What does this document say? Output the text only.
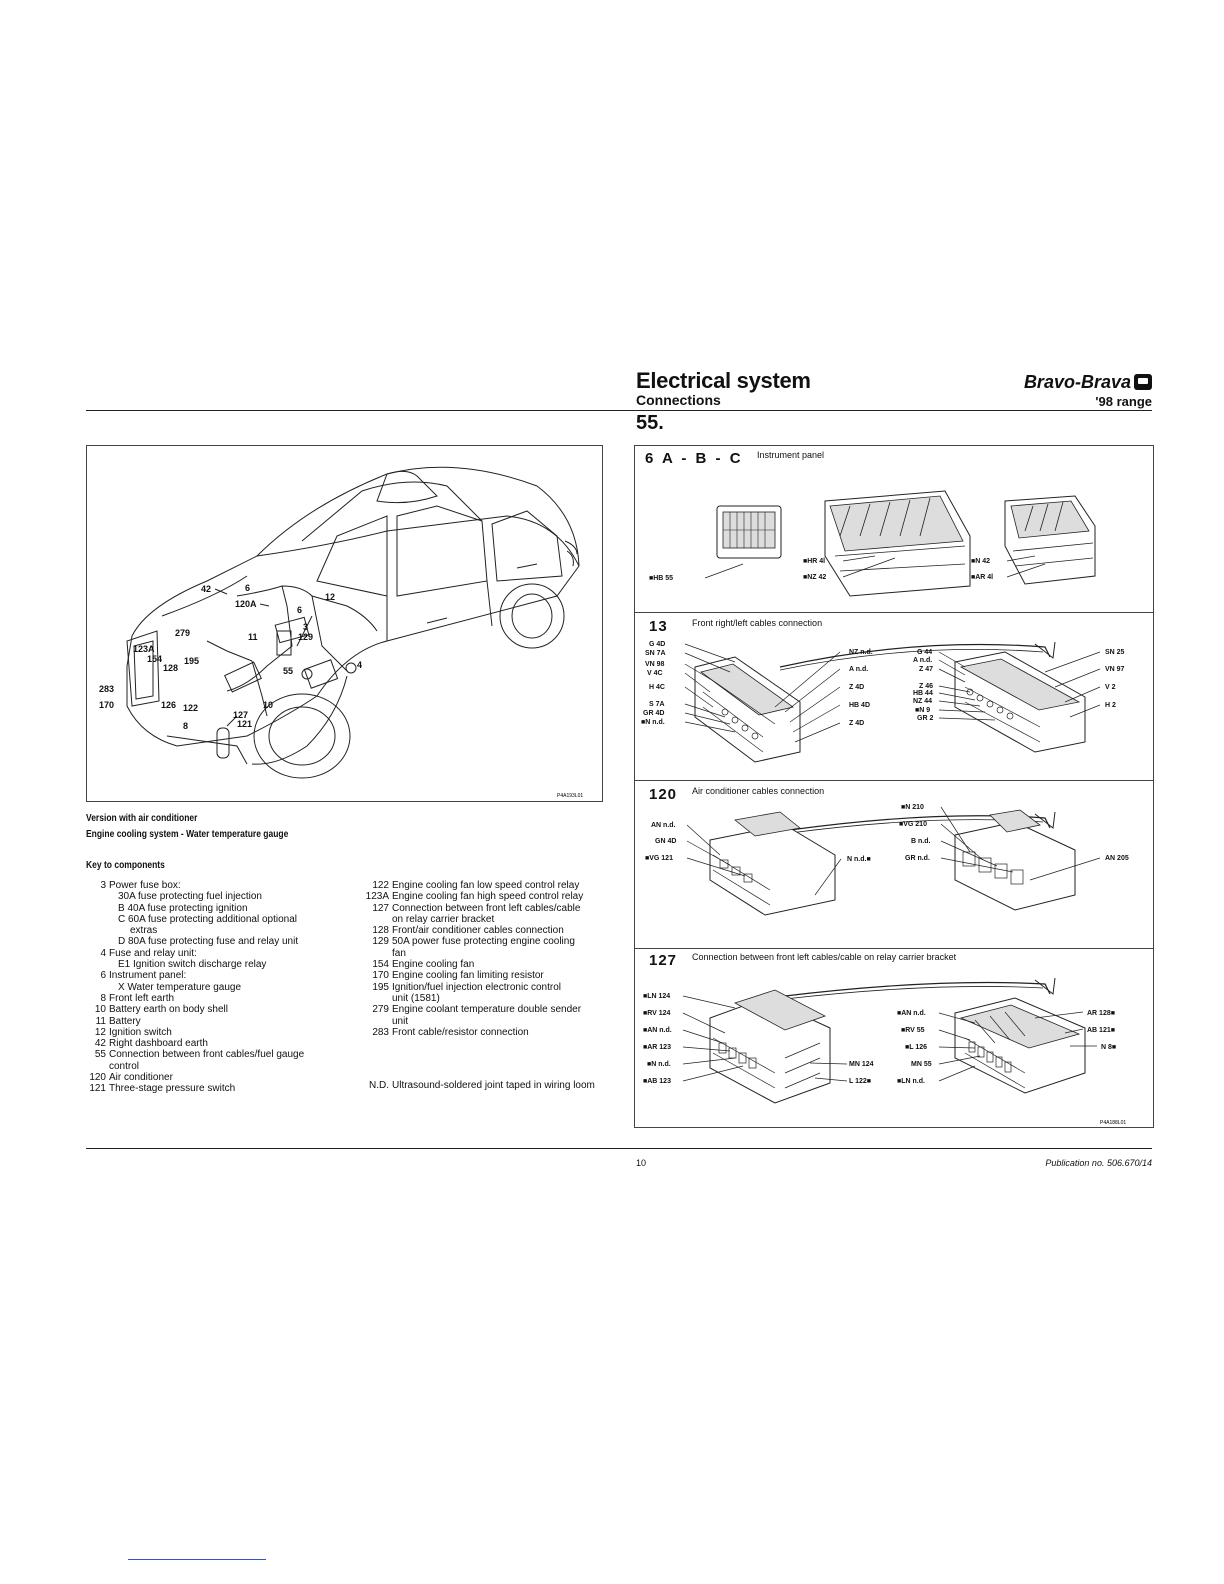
Electrical system
Connections
Bravo-Brava
'98 range
55.
42	6
120A
12
6
279	11
3
129
123A
154 195
128	55
4
283
170	126 122	10
127
121
8
P4A193L01
Version with air conditioner
Engine cooling system - Water temperature gauge
Key to components
3 Power fuse box:
30A fuse protecting fuel injection
B 40A fuse protecting ignition
C 60A fuse protecting additional optional
extras
D 80A fuse protecting fuse and relay unit
4 Fuse and relay unit:
E1 Ignition switch discharge relay
6 Instrument panel:
X Water temperature gauge
8 Front left earth
10 Battery earth on body shell
11 Battery
12 Ignition switch
42 Right dashboard earth
55 Connection between front cables/fuel gauge
control
120 Air conditioner
121 Three-stage pressure switch
122 Engine cooling fan low speed control relay
123A Engine cooling fan high speed control relay
127 Connection between front left cables/cable
on relay carrier bracket
128 Front/air conditioner cables connection
129 50A power fuse protecting engine cooling
fan
154 Engine cooling fan
170 Engine cooling fan limiting resistor
195 Ignition/fuel injection electronic control
unit (1581)
279 Engine coolant temperature double sender
unit
283 Front cable/resistor connection
N.D. Ultrasound-soldered joint taped in wiring loom
6 A - B - C Instrument panel
■HB 55
■HR 4l
■NZ 42
■N 42
■AR 4l
13	Front right/left cables connection
G 4D
SN 7A
VN 98
V 4C
H 4C
S 7A
GR 4D
■N n.d.
NZ n.d.
A n.d.
Z 4D
HB 4D
Z 4D
G 44
A n.d.
Z 47
Z 46
HB 44
NZ 44
■N 9
GR 2
SN 25
VN 97
V 2
H 2
120 Air conditioner cables connection
AN n.d.
GN 4D
■VG 121	N n.d.■
■N 210
■VG 210
B n.d.
GR n.d.	AN 205
127 Connection between front left cables/cable on relay carrier bracket
■LN 124
■RV 124
■AN n.d.
■AR 123
■N n.d.
■AB 123
MN 124
L 122■
■AN n.d.
■RV 55
■L 126
MN 55
■LN n.d.
AR 128■
AB 121■
N 8■
P4A188L01
10	Publication no. 506.670/14
